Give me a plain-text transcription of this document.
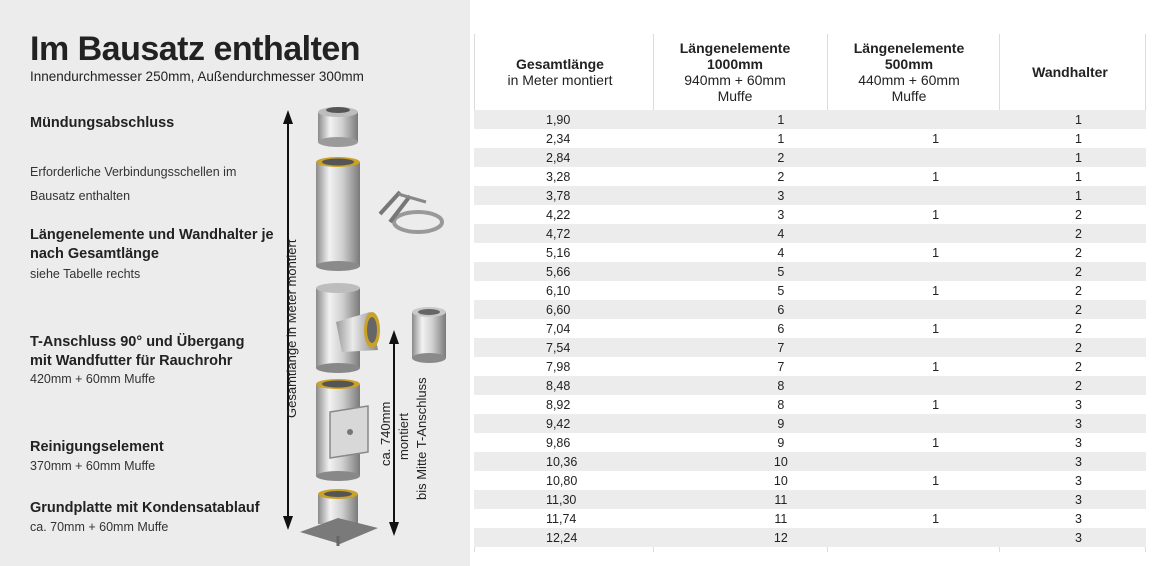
Im Bausatz enthalten
Innendurchmesser 250mm, Außendurchmesser 300mm
Mündungsabschluss
Erforderliche Verbindungsschellen im Bausatz enthalten
Längenelemente und Wandhalter je nach Gesamtlänge
siehe Tabelle rechts
T-Anschluss 90° und Übergang mit Wandfutter für Rauchrohr
420mm + 60mm Muffe
Reinigungselement
370mm + 60mm Muffe
Grundplatte mit Kondensatablauf
ca. 70mm + 60mm Muffe
Gesamtlänge in Meter montiert
ca. 740mm montiert bis Mitte T-Anschluss
Gesamtlänge
in Meter montiert
Längenelemente
1000mm
940mm + 60mm
Muffe
Längenelemente
500mm
440mm + 60mm
Muffe
Wandhalter
1,90	1		1
2,34	1	1	1
2,84	2		1
3,28	2	1	1
3,78	3		1
4,22	3	1	2
4,72	4		2
5,16	4	1	2
5,66	5		2
6,10	5	1	2
6,60	6		2
7,04	6	1	2
7,54	7		2
7,98	7	1	2
8,48	8		2
8,92	8	1	3
9,42	9		3
9,86	9	1	3
10,36	10		3
10,80	10	1	3
11,30	11		3
11,74	11	1	3
12,24	12		3
